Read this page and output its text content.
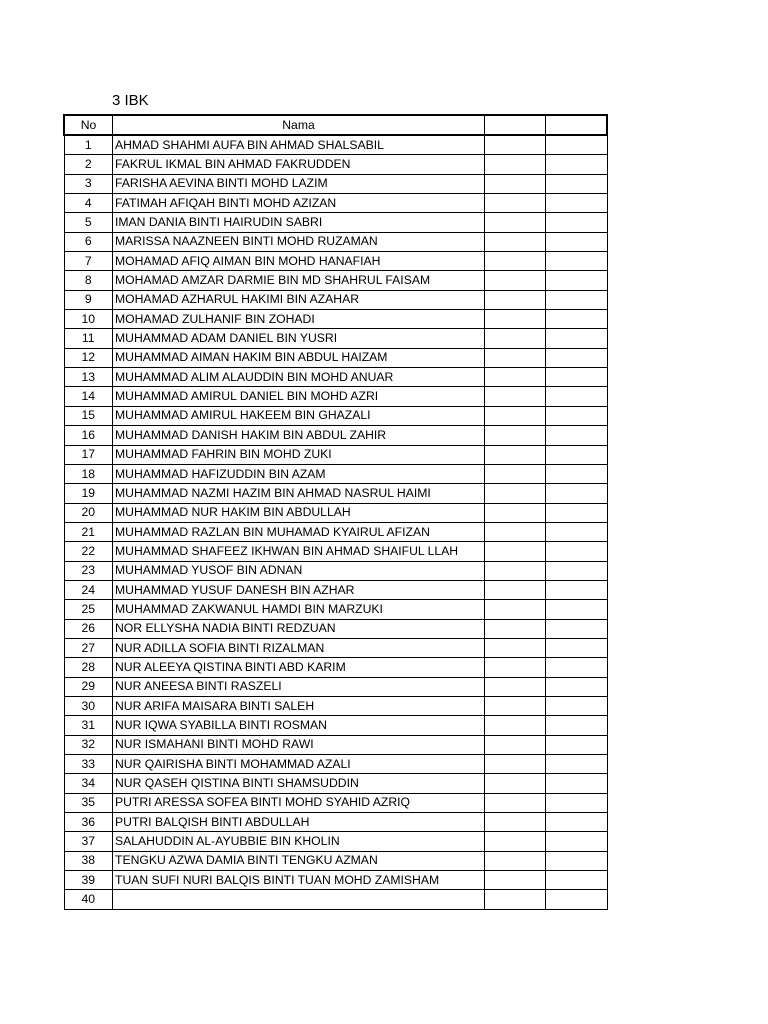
3 IBK
No	Nama		
1	AHMAD SHAHMI AUFA BIN AHMAD SHALSABIL		
2	FAKRUL IKMAL BIN AHMAD FAKRUDDEN		
3	FARISHA AEVINA BINTI MOHD LAZIM		
4	FATIMAH AFIQAH BINTI MOHD AZIZAN		
5	IMAN DANIA BINTI HAIRUDIN SABRI		
6	MARISSA NAAZNEEN BINTI MOHD RUZAMAN		
7	MOHAMAD AFIQ AIMAN BIN MOHD HANAFIAH		
8	MOHAMAD AMZAR DARMIE BIN MD SHAHRUL FAISAM		
9	MOHAMAD AZHARUL HAKIMI BIN AZAHAR		
10	MOHAMAD ZULHANIF BIN ZOHADI		
11	MUHAMMAD ADAM DANIEL BIN YUSRI		
12	MUHAMMAD AIMAN HAKIM BIN ABDUL HAIZAM		
13	MUHAMMAD ALIM ALAUDDIN BIN MOHD ANUAR		
14	MUHAMMAD AMIRUL DANIEL BIN MOHD AZRI		
15	MUHAMMAD AMIRUL HAKEEM BIN GHAZALI		
16	MUHAMMAD DANISH HAKIM BIN ABDUL ZAHIR		
17	MUHAMMAD FAHRIN BIN MOHD ZUKI		
18	MUHAMMAD HAFIZUDDIN BIN AZAM		
19	MUHAMMAD NAZMI HAZIM BIN AHMAD NASRUL HAIMI		
20	MUHAMMAD NUR HAKIM BIN ABDULLAH		
21	MUHAMMAD RAZLAN BIN MUHAMAD KYAIRUL AFIZAN		
22	MUHAMMAD SHAFEEZ IKHWAN BIN AHMAD SHAIFUL LLAH		
23	MUHAMMAD YUSOF BIN ADNAN		
24	MUHAMMAD YUSUF DANESH BIN AZHAR		
25	MUHAMMAD ZAKWANUL HAMDI BIN MARZUKI		
26	NOR ELLYSHA NADIA BINTI REDZUAN		
27	NUR ADILLA SOFIA BINTI RIZALMAN		
28	NUR ALEEYA QISTINA BINTI ABD KARIM		
29	NUR ANEESA BINTI RASZELI		
30	NUR ARIFA MAISARA BINTI SALEH		
31	NUR IQWA SYABILLA BINTI ROSMAN		
32	NUR ISMAHANI BINTI MOHD RAWI		
33	NUR QAIRISHA BINTI MOHAMMAD AZALI		
34	NUR QASEH QISTINA BINTI SHAMSUDDIN		
35	PUTRI ARESSA SOFEA BINTI MOHD SYAHID AZRIQ		
36	PUTRI BALQISH BINTI ABDULLAH		
37	SALAHUDDIN AL-AYUBBIE BIN KHOLIN		
38	TENGKU AZWA DAMIA BINTI TENGKU AZMAN		
39	TUAN SUFI NURI BALQIS BINTI TUAN MOHD ZAMISHAM		
40			
